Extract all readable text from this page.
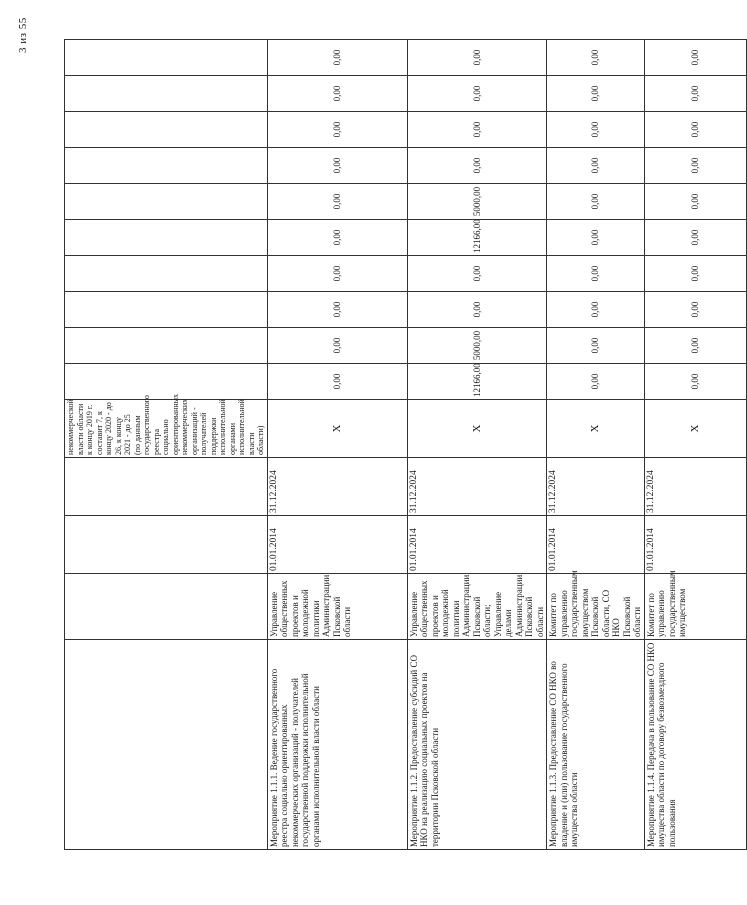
3 из 55
				некоммерческой власти области к концу 2019 г. составит 7, к концу 2020 - до 26, к концу 2021 - до 25 (по данным государственного реестра социально ориентированных некоммерческих организаций - получателей поддержки исполнительной органами исполнительной власти области)										
Мероприятие 1.1.1. Ведение государственного реестра социально ориентированных некоммерческих организаций - получателей государственной поддержки исполнительной органами исполнительной власти области	Управление общественных проектов и молодежной политики Администрации Псковской области	01.01.2014	31.12.2024	X	0,00	0,00	0,00	0,00	0,00	0,00	0,00	0,00	0,00	0,00
Мероприятие 1.1.2. Предоставление субсидий СО НКО на реализацию социальных проектов на территории Псковской области	Управление общественных проектов и молодежной политики Администрации Псковской области; Управление делами Администрации Псковской области	01.01.2014	31.12.2024	X	12166,00	5000,00	0,00	0,00	12166,00	5000,00	0,00	0,00	0,00	0,00
Мероприятие 1.1.3. Предоставление СО НКО во владение и (или) пользование государственного имущества области	Комитет по управлению государственным имуществом Псковской области, СО НКО Псковской области	01.01.2014	31.12.2024	X	0,00	0,00	0,00	0,00	0,00	0,00	0,00	0,00	0,00	0,00
Мероприятие 1.1.4. Передача в пользование СО НКО имущества области по договору безвозмездного пользования	Комитет по управлению государственным имуществом	01.01.2014	31.12.2024	X	0,00	0,00	0,00	0,00	0,00	0,00	0,00	0,00	0,00	0,00
